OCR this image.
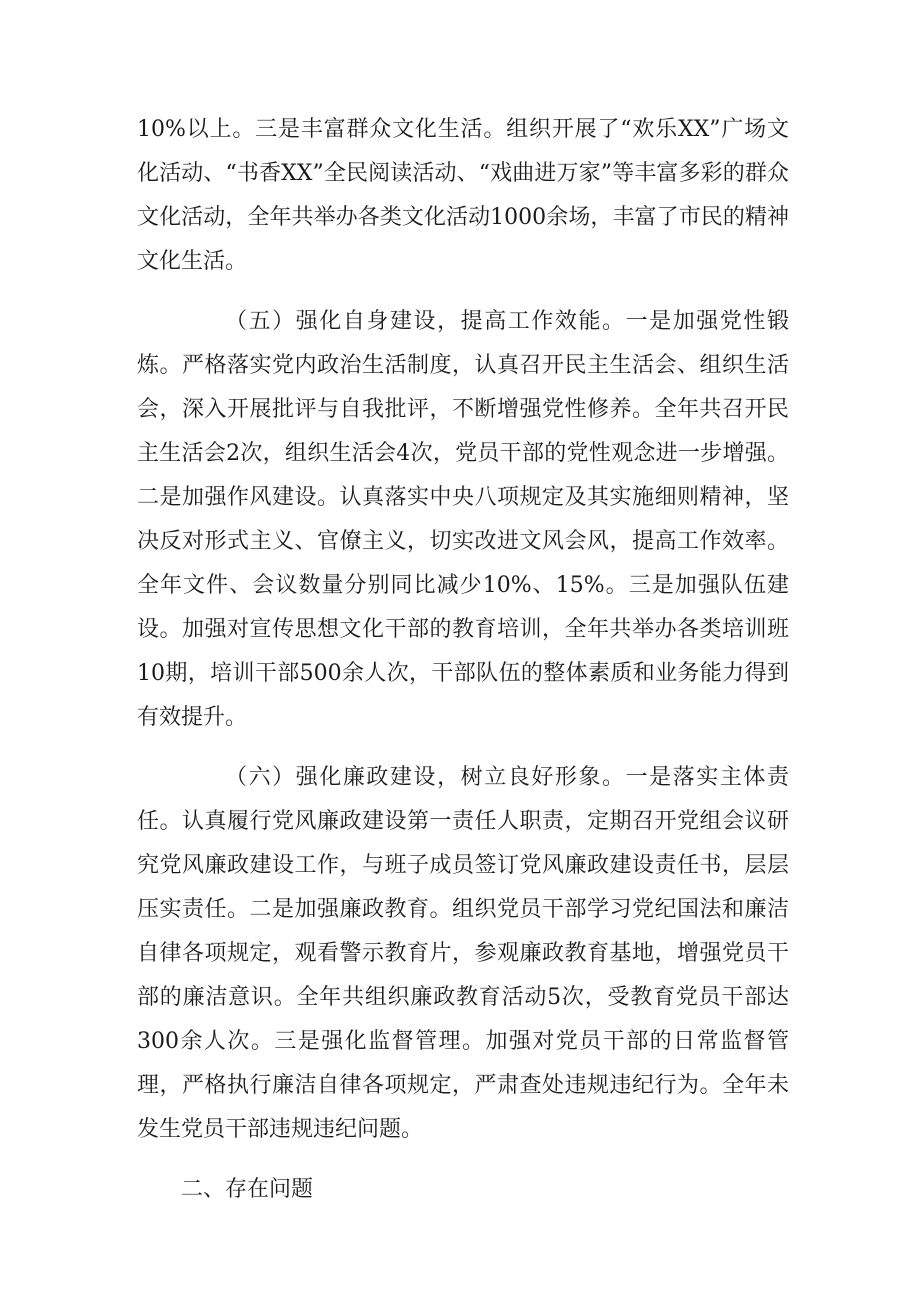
10%以上。三是丰富群众文化生活。组织开展了“欢乐XX”广场文化活动、“书香XX”全民阅读活动、“戏曲进万家”等丰富多彩的群众文化活动，全年共举办各类文化活动1000余场，丰富了市民的精神文化生活。

（五）强化自身建设，提高工作效能。一是加强党性锻炼。严格落实党内政治生活制度，认真召开民主生活会、组织生活会，深入开展批评与自我批评，不断增强党性修养。全年共召开民主生活会2次，组织生活会4次，党员干部的党性观念进一步增强。二是加强作风建设。认真落实中央八项规定及其实施细则精神，坚决反对形式主义、官僚主义，切实改进文风会风，提高工作效率。全年文件、会议数量分别同比减少10%、15%。三是加强队伍建设。加强对宣传思想文化干部的教育培训，全年共举办各类培训班10期，培训干部500余人次，干部队伍的整体素质和业务能力得到有效提升。

（六）强化廉政建设，树立良好形象。一是落实主体责任。认真履行党风廉政建设第一责任人职责，定期召开党组会议研究党风廉政建设工作，与班子成员签订党风廉政建设责任书，层层压实责任。二是加强廉政教育。组织党员干部学习党纪国法和廉洁自律各项规定，观看警示教育片，参观廉政教育基地，增强党员干部的廉洁意识。全年共组织廉政教育活动5次，受教育党员干部达300余人次。三是强化监督管理。加强对党员干部的日常监督管理，严格执行廉洁自律各项规定，严肃查处违规违纪行为。全年未发生党员干部违规违纪问题。

二、存在问题
